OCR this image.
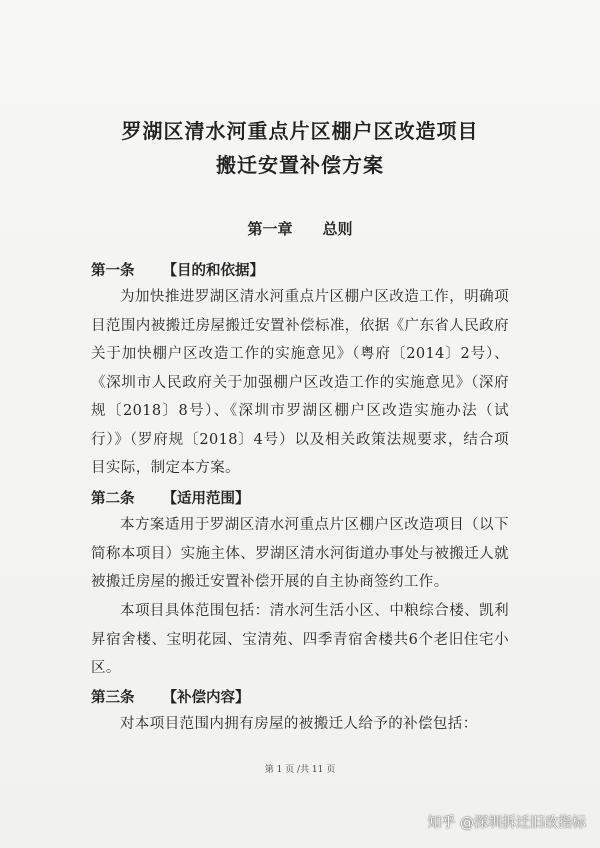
罗湖区清水河重点片区棚户区改造项目
搬迁安置补偿方案
第一章 总则
第一条 【目的和依据】
为加快推进罗湖区清水河重点片区棚户区改造工作，明确项目范围内被搬迁房屋搬迁安置补偿标准，依据《广东省人民政府关于加快棚户区改造工作的实施意见》（粤府〔2014〕2号）、《深圳市人民政府关于加强棚户区改造工作的实施意见》（深府规〔2018〕8号）、《深圳市罗湖区棚户区改造实施办法（试行）》（罗府规〔2018〕4号）以及相关政策法规要求，结合项目实际，制定本方案。
第二条 【适用范围】
本方案适用于罗湖区清水河重点片区棚户区改造项目（以下简称本项目）实施主体、罗湖区清水河街道办事处与被搬迁人就被搬迁房屋的搬迁安置补偿开展的自主协商签约工作。
本项目具体范围包括：清水河生活小区、中粮综合楼、凯利昇宿舍楼、宝明花园、宝清苑、四季青宿舍楼共6个老旧住宅小区。
第三条 【补偿内容】
对本项目范围内拥有房屋的被搬迁人给予的补偿包括：
第 1 页 /共 11 页
知乎 @深圳拆迁旧改指标
